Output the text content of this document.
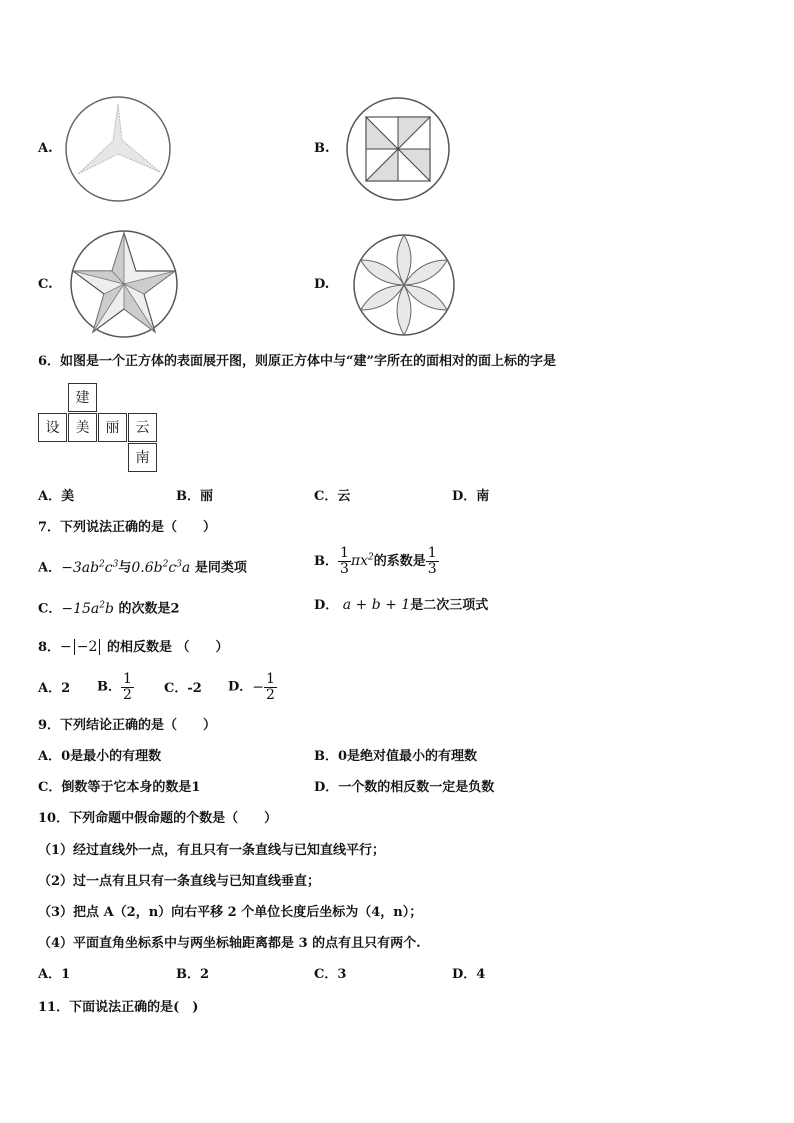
A.	B.
C.	D.
6．如图是一个正方体的表面展开图，则原正方体中与“建”字所在的面相对的面上标的字是
建
设	美	丽	云
南
A．美	B．丽	C．云	D．南
7．下列说法正确的是（　　）
A．$-3ab^2c^3$与$0.6b^2c^3a$ 是同类项	B． $\frac{1}{3} \pi x^2$的系数是 $\frac{1}{3}$
C．$-15a^2b$ 的次数是2	D． a + b + 1是二次三项式
8．− −2 的相反数是 （　　）
A．2 B． $\frac{1}{2}$ C．-2 D．− $\frac{1}{2}$
9．下列结论正确的是（　　）
A．0是最小的有理数	B．0是绝对值最小的有理数
C．倒数等于它本身的数是1	D．一个数的相反数一定是负数
10．下列命题中假命题的个数是（　　）
（1）经过直线外一点，有且只有一条直线与已知直线平行；
（2）过一点有且只有一条直线与已知直线垂直；
（3）把点 A（2，n）向右平移 2 个单位长度后坐标为（4，n）；
（4）平面直角坐标系中与两坐标轴距离都是 3 的点有且只有两个.
A．1	B．2	C．3	D．4
11．下面说法正确的是(　)
